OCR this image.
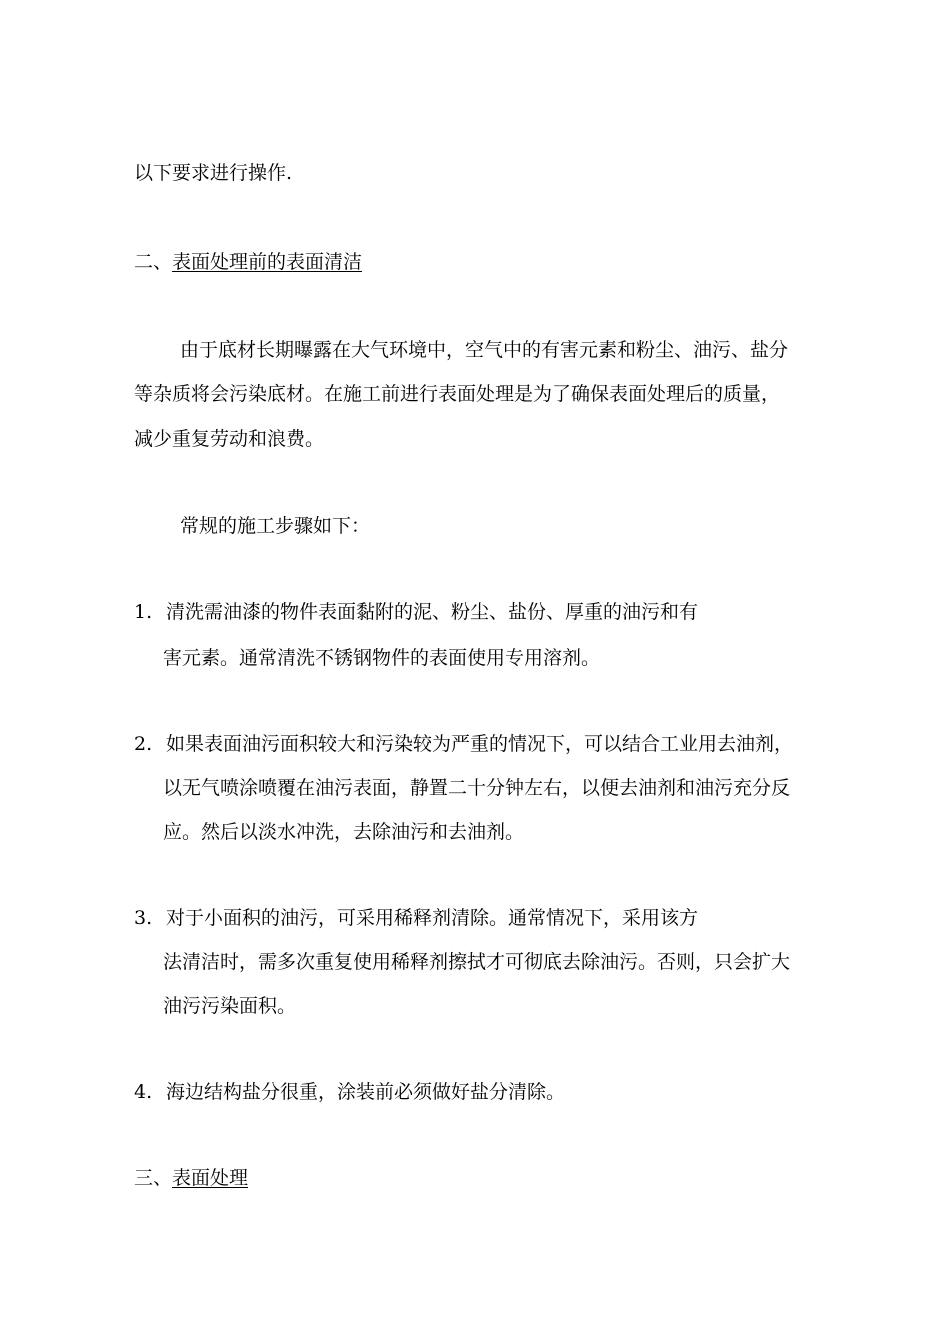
以下要求进行操作.
二、表面处理前的表面清洁
由于底材长期曝露在大气环境中，空气中的有害元素和粉尘、油污、盐分
等杂质将会污染底材。在施工前进行表面处理是为了确保表面处理后的质量，
减少重复劳动和浪费。
常规的施工步骤如下：
1. 清洗需油漆的物件表面黏附的泥、粉尘、盐份、厚重的油污和有
害元素。通常清洗不锈钢物件的表面使用专用溶剂。
2. 如果表面油污面积较大和污染较为严重的情况下，可以结合工业用去油剂，
以无气喷涂喷覆在油污表面，静置二十分钟左右，以便去油剂和油污充分反
应。然后以淡水冲洗，去除油污和去油剂。
3. 对于小面积的油污，可采用稀释剂清除。通常情况下，采用该方
法清洁时，需多次重复使用稀释剂擦拭才可彻底去除油污。否则，只会扩大
油污污染面积。
4. 海边结构盐分很重，涂装前必须做好盐分清除。
三、表面处理
